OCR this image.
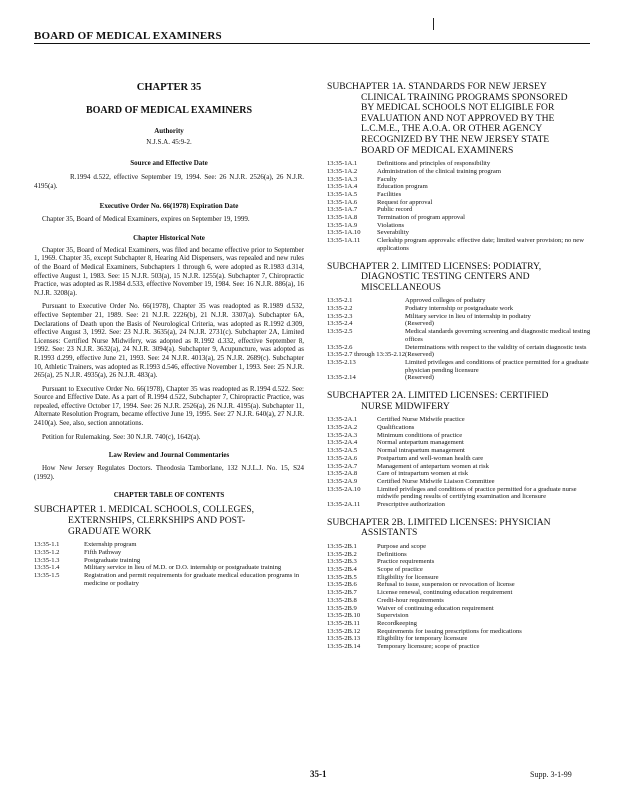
BOARD OF MEDICAL EXAMINERS
CHAPTER 35
BOARD OF MEDICAL EXAMINERS
Authority
N.J.S.A. 45:9-2.
Source and Effective Date

R.1994 d.522, effective September 19, 1994. See: 26 N.J.R. 2526(a), 26 N.J.R. 4195(a).

Executive Order No. 66(1978) Expiration Date

Chapter 35, Board of Medical Examiners, expires on September 19, 1999.

Chapter Historical Note

Chapter 35, Board of Medical Examiners, was filed and became effective prior to September 1, 1969. Chapter 35, except Subchapter 8, Hearing Aid Dispensers, was repealed and new rules of the Board of Medical Examiners, Subchapters 1 through 6, were adopted as R.1983 d.314, effective August 1, 1983. See: 15 N.J.R. 503(a), 15 N.J.R. 1255(a). Subchapter 7, Chiropractic Practice, was adopted as R.1984 d.533, effective November 19, 1984. See: 16 N.J.R. 886(a), 16 N.J.R. 3208(a).

Pursuant to Executive Order No. 66(1978), Chapter 35 was readopted as R.1989 d.532, effective September 21, 1989. See: 21 N.J.R. 2226(b), 21 N.J.R. 3307(a). Subchapter 6A, Declarations of Death upon the Basis of Neurological Criteria, was adopted as R.1992 d.309, effective August 3, 1992. See: 23 N.J.R. 3635(a), 24 N.J.R. 2731(c). Subchapter 2A, Limited Licenses: Certified Nurse Midwifery, was adopted as R.1992 d.332, effective September 8, 1992. See: 23 N.J.R. 3632(a), 24 N.J.R. 3094(a). Subchapter 9, Acupuncture, was adopted as R.1993 d.299, effective June 21, 1993. See: 24 N.J.R. 4013(a), 25 N.J.R. 2689(c). Subchapter 10, Athletic Trainers, was adopted as R.1993 d.546, effective November 1, 1993. See: 25 N.J.R. 265(a), 25 N.J.R. 4935(a), 26 N.J.R. 483(a).

Pursuant to Executive Order No. 66(1978), Chapter 35 was readopted as R.1994 d.522. See: Source and Effective Date. As a part of R.1994 d.522, Subchapter 7, Chiropractic Practice, was repealed, effective October 17, 1994. See: 26 N.J.R. 2526(a), 26 N.J.R. 4195(a). Subchapter 11, Alternate Resolution Program, became effective June 19, 1995. See: 27 N.J.R. 640(a), 27 N.J.R. 2410(a). See, also, section annotations.

Petition for Rulemaking. See: 30 N.J.R. 740(c), 1642(a).

Law Review and Journal Commentaries

How New Jersey Regulates Doctors. Theodosia Tamborlane, 132 N.J.L.J. No. 15, S24 (1992).

CHAPTER TABLE OF CONTENTS
SUBCHAPTER 1. MEDICAL SCHOOLS, COLLEGES,
EXTERNSHIPS, CLERKSHIPS AND POST-
GRADUATE WORK
13:35-1.1	Externship program
13:35-1.2	Fifth Pathway
13:35-1.3	Postgraduate training
13:35-1.4	Military service in lieu of M.D. or D.O. internship or postgraduate training
13:35-1.5	Registration and permit requirements for graduate medical education programs in medicine or podiatry
SUBCHAPTER 1A. STANDARDS FOR NEW JERSEY

CLINICAL TRAINING PROGRAMS SPONSORED
BY MEDICAL SCHOOLS NOT ELIGIBLE FOR
EVALUATION AND NOT APPROVED BY THE
L.C.M.E., THE A.O.A. OR OTHER AGENCY
RECOGNIZED BY THE NEW JERSEY STATE
BOARD OF MEDICAL EXAMINERS
13:35-1A.1	Definitions and principles of responsibility
13:35-1A.2	Administration of the clinical training program
13:35-1A.3	Faculty
13:35-1A.4	Education program
13:35-1A.5	Facilities
13:35-1A.6	Request for approval
13:35-1A.7	Public record
13:35-1A.8	Termination of program approval
13:35-1A.9	Violations
13:35-1A.10	Severability
13:35-1A.11	Clerkship program approvals: effective date; limited waiver provision; no new applications
SUBCHAPTER 2. LIMITED LICENSES: PODIATRY,

DIAGNOSTIC TESTING CENTERS AND
MISCELLANEOUS
13:35-2.1	Approved colleges of podiatry
13:35-2.2	Podiatry internship or postgraduate work
13:35-2.3	Military service in lieu of internship in podiatry
13:35-2.4	(Reserved)
13:35-2.5	Medical standards governing screening and diagnostic medical testing offices
13:35-2.6	Determinations with respect to the validity of certain diagnostic tests
13:35-2.7 through 13:35-2.12	(Reserved)
13:35-2.13	Limited privileges and conditions of practice permitted for a graduate physician pending licensure
13:35-2.14	(Reserved)
SUBCHAPTER 2A. LIMITED LICENSES: CERTIFIED

NURSE MIDWIFERY
13:35-2A.1	Certified Nurse Midwife practice
13:35-2A.2	Qualifications
13:35-2A.3	Minimum conditions of practice
13:35-2A.4	Normal antepartum management
13:35-2A.5	Normal intrapartum management
13:35-2A.6	Postpartum and well-woman health care
13:35-2A.7	Management of antepartum women at risk
13:35-2A.8	Care of intrapartum women at risk
13:35-2A.9	Certified Nurse Midwife Liaison Committee
13:35-2A.10	Limited privileges and conditions of practice permitted for a graduate nurse midwife pending results of certifying examination and licensure
13:35-2A.11	Prescriptive authorization
SUBCHAPTER 2B. LIMITED LICENSES: PHYSICIAN

ASSISTANTS
13:35-2B.1	Purpose and scope
13:35-2B.2	Definitions
13:35-2B.3	Practice requirements
13:35-2B.4	Scope of practice
13:35-2B.5	Eligibility for licensure
13:35-2B.6	Refusal to issue, suspension or revocation of license
13:35-2B.7	License renewal, continuing education requirement
13:35-2B.8	Credit-hour requirements
13:35-2B.9	Waiver of continuing education requirement
13:35-2B.10	Supervision
13:35-2B.11	Recordkeeping
13:35-2B.12	Requirements for issuing prescriptions for medications
13:35-2B.13	Eligibility for temporary licensure
13:35-2B.14	Temporary licensure; scope of practice
35-1	Supp. 3-1-99
